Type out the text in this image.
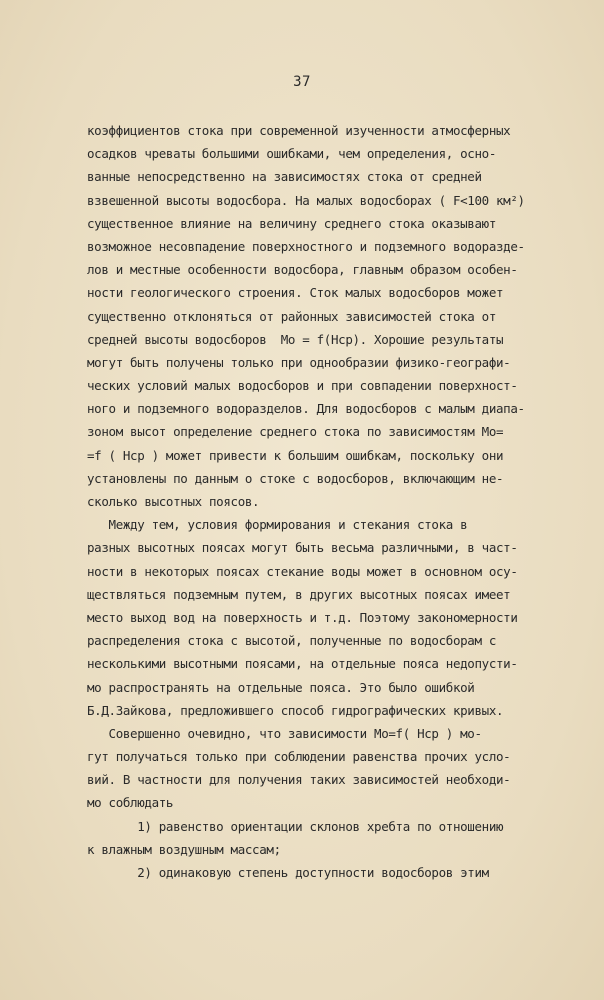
37
коэффициентов стока при современной изученности атмосферных
осадков чреваты большими ошибками, чем определения, осно-
ванные непосредственно на зависимостях стока от средней
взвешенной высоты водосбора. На малых водосборах ( F<100 км²)
существенное влияние на величину среднего стока оказывают
возможное несовпадение поверхностного и подземного водоразде-
лов и местные особенности водосбора, главным образом особен-
ности геологического строения. Сток малых водосборов может
существенно отклоняться от районных зависимостей стока от
средней высоты водосборов  Mo = f(Hср). Хорошие результаты
могут быть получены только при однообразии физико-географи-
ческих условий малых водосборов и при совпадении поверхност-
ного и подземного водоразделов. Для водосборов с малым диапа-
зоном высот определение среднего стока по зависимостям Mo=
=f ( Hср ) может привести к большим ошибкам, поскольку они
установлены по данным о стоке с водосборов, включающим не-
сколько высотных поясов.
Между тем, условия формирования и стекания стока в
разных высотных поясах могут быть весьма различными, в част-
ности в некоторых поясах стекание воды может в основном осу-
ществляться подземным путем, в других высотных поясах имеет
место выход вод на поверхность и т.д. Поэтому закономерности
распределения стока с высотой, полученные по водосборам с
несколькими высотными поясами, на отдельные пояса недопусти-
мо распространять на отдельные пояса. Это было ошибкой
Б.Д.Зайкова, предложившего способ гидрографических кривых.
Совершенно очевидно, что зависимости Mo=f( Hср ) мо-
гут получаться только при соблюдении равенства прочих усло-
вий. В частности для получения таких зависимостей необходи-
мо соблюдать
1) равенство ориентации склонов хребта по отношению
к влажным воздушным массам;
2) одинаковую степень доступности водосборов этим
